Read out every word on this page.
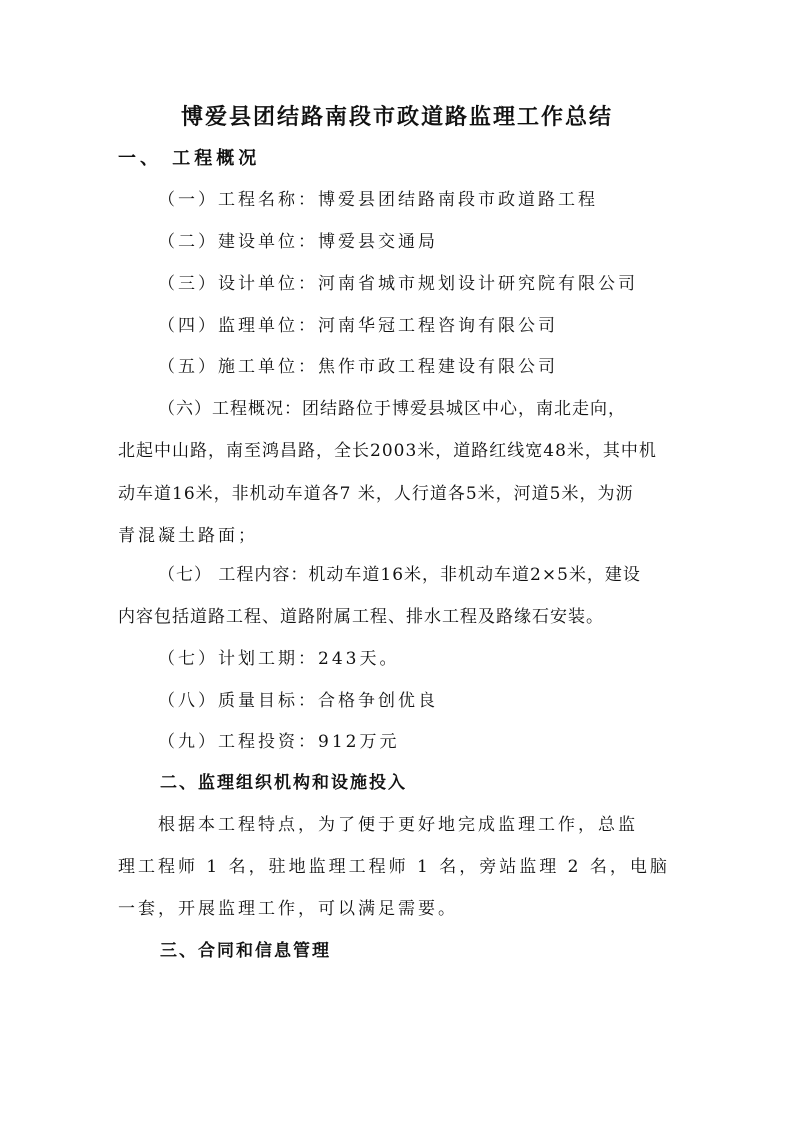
博爱县团结路南段市政道路监理工作总结
一、 工程概况
（一）工程名称：博爱县团结路南段市政道路工程
（二）建设单位：博爱县交通局
（三）设计单位：河南省城市规划设计研究院有限公司
（四）监理单位：河南华冠工程咨询有限公司
（五）施工单位：焦作市政工程建设有限公司
（六）工程概况：团结路位于博爱县城区中心，南北走向，
北起中山路，南至鸿昌路，全长2003米，道路红线宽48米，其中机
动车道16米，非机动车道各7 米，人行道各5米，河道5米，为沥
青混凝土路面；
（七） 工程内容：机动车道16米，非机动车道2×5米，建设
内容包括道路工程、道路附属工程、排水工程及路缘石安装。
（七）计划工期：243天。
（八）质量目标：合格争创优良
（九）工程投资：912万元
二、监理组织机构和设施投入
根据本工程特点，为了便于更好地完成监理工作，总监
理工程师 1 名，驻地监理工程师 1 名，旁站监理 2 名，电脑
一套，开展监理工作，可以满足需要。
三、合同和信息管理
